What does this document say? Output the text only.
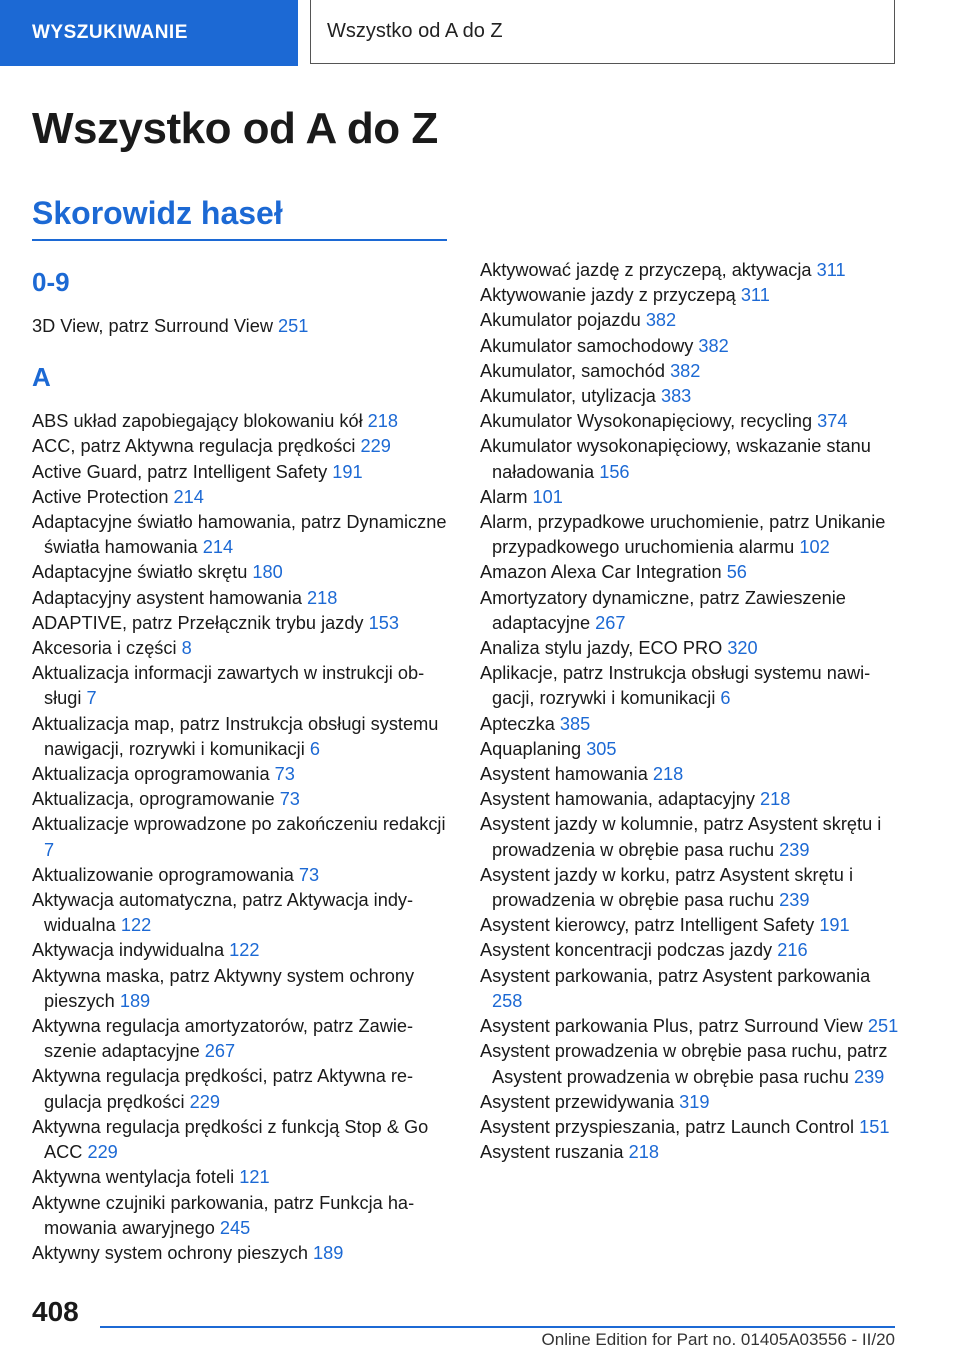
WYSZUKIWANIE	Wszystko od A do Z
Wszystko od A do Z
Skorowidz haseł
0-9

3D View, patrz Surround View 251

A

ABS układ zapobiegający blokowaniu kół 218

ACC, patrz Aktywna regulacja prędkości 229

Active Guard, patrz Intelligent Safety 191

Active Protection 214

Adaptacyjne światło hamowania, patrz Dynamiczne światła hamowania 214

Adaptacyjne światło skrętu 180

Adaptacyjny asystent hamowania 218

ADAPTIVE, patrz Przełącznik trybu jazdy 153

Akcesoria i części 8

Aktualizacja informacji zawartych w instrukcji obsługi 7

Aktualizacja map, patrz Instrukcja obsługi systemu nawigacji, rozrywki i komunikacji 6

Aktualizacja oprogramowania 73

Aktualizacja, oprogramowanie 73

Aktualizacje wprowadzone po zakończeniu redakcji 7

Aktualizowanie oprogramowania 73

Aktywacja automatyczna, patrz Aktywacja indywidualna 122

Aktywacja indywidualna 122

Aktywna maska, patrz Aktywny system ochrony pieszych 189

Aktywna regulacja amortyzatorów, patrz Zawieszenie adaptacyjne 267

Aktywna regulacja prędkości, patrz Aktywna regulacja prędkości 229

Aktywna regulacja prędkości z funkcją Stop & Go ACC 229

Aktywna wentylacja foteli 121

Aktywne czujniki parkowania, patrz Funkcja hamowania awaryjnego 245

Aktywny system ochrony pieszych 189

Aktywować jazdę z przyczepą, aktywacja 311

Aktywowanie jazdy z przyczepą 311

Akumulator pojazdu 382

Akumulator samochodowy 382

Akumulator, samochód 382

Akumulator, utylizacja 383

Akumulator Wysokonapięciowy, recycling 374

Akumulator wysokonapięciowy, wskazanie stanu naładowania 156

Alarm 101

Alarm, przypadkowe uruchomienie, patrz Unikanie przypadkowego uruchomienia alarmu 102

Amazon Alexa Car Integration 56

Amortyzatory dynamiczne, patrz Zawieszenie adaptacyjne 267

Analiza stylu jazdy, ECO PRO 320

Aplikacje, patrz Instrukcja obsługi systemu nawigacji, rozrywki i komunikacji 6

Apteczka 385

Aquaplaning 305

Asystent hamowania 218

Asystent hamowania, adaptacyjny 218

Asystent jazdy w kolumnie, patrz Asystent skrętu i prowadzenia w obrębie pasa ruchu 239

Asystent jazdy w korku, patrz Asystent skrętu i prowadzenia w obrębie pasa ruchu 239

Asystent kierowcy, patrz Intelligent Safety 191

Asystent koncentracji podczas jazdy 216

Asystent parkowania, patrz Asystent parkowania 258

Asystent parkowania Plus, patrz Surround View 251

Asystent prowadzenia w obrębie pasa ruchu, patrz Asystent prowadzenia w obrębie pasa ruchu 239

Asystent przewidywania 319

Asystent przyspieszania, patrz Launch Control 151

Asystent ruszania 218

408
Online Edition for Part no. 01405A03556 - II/20
